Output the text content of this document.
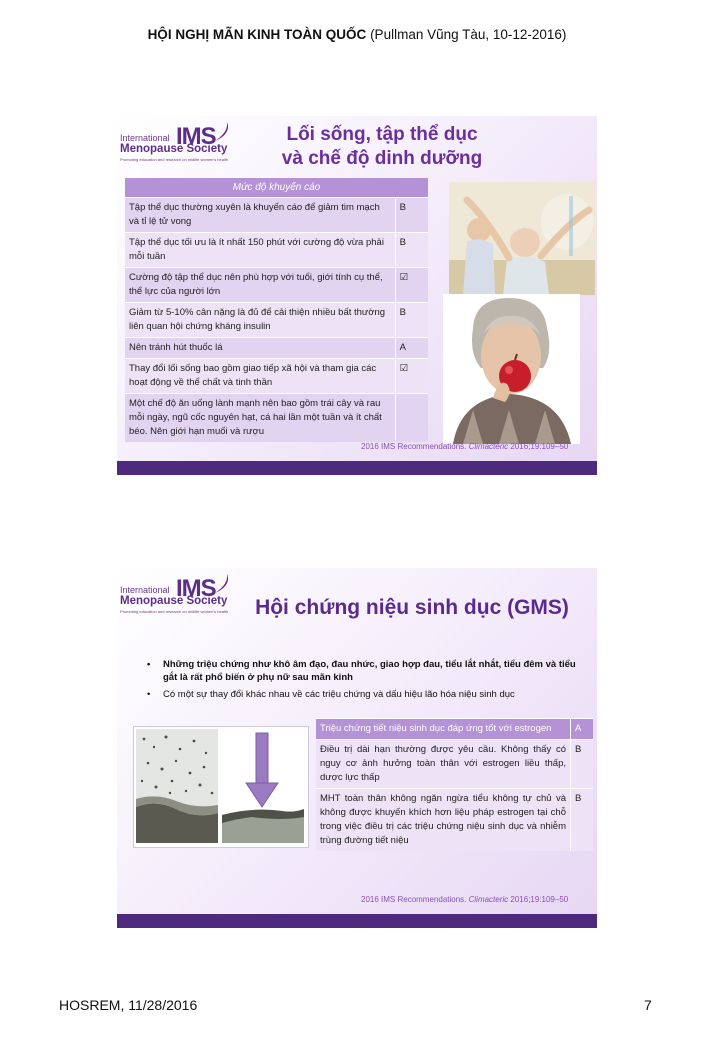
HỘI NGHỊ MÃN KINH TOÀN QUỐC (Pullman Vũng Tàu, 10-12-2016)
International IMS
Menopause Society
Promoting education and research on midlife women's health
Lối sống, tập thể dục
và chế độ dinh dưỡng
Mức độ khuyến cáo	
Tập thể dục thường xuyên là khuyến cáo để giảm tim mạch và tỉ lệ tử vong	B
Tập thể dục tối ưu là ít nhất 150 phút với cường độ vừa phải mỗi tuần	B
Cường độ tập thể dục nên phù hợp với tuổi, giới tính cụ thể, thể lực của người lớn	☑
Giảm từ 5-10% cân nặng là đủ để cải thiện nhiều bất thường liên quan hội chứng kháng insulin	B
Nên tránh hút thuốc lá	A
Thay đổi lối sống bao gồm giao tiếp xã hội và tham gia các hoạt động về thể chất và tinh thần	☑
Một chế độ ăn uống lành mạnh nên bao gồm trái cây và rau mỗi ngày, ngũ cốc nguyên hạt, cá hai lần một tuần và ít chất béo. Nên giới hạn muối và rượu	
2016 IMS Recommendations. Climacteric 2016;19:109–50
International IMS
Menopause Society
Promoting education and research on midlife women's health	Hội chứng niệu sinh dục (GMS)
• Những triệu chứng như khô âm đạo, đau nhức, giao hợp đau, tiểu lắt nhắt, tiểu đêm và tiểu gắt là rất phổ biến ở phụ nữ sau mãn kinh
• Có một sự thay đổi khác nhau về các triệu chứng và dấu hiệu lão hóa niệu sinh dục
Triệu chứng tiết niệu sinh dục đáp ứng tốt với estrogen	A
Điều trị dài hạn thường được yêu cầu. Không thấy có nguy cơ ảnh hưởng toàn thân với estrogen liều thấp, dược lực thấp	B
MHT toàn thân không ngăn ngừa tiểu không tự chủ và không được khuyến khích hơn liệu pháp estrogen tại chỗ trong việc điều trị các triệu chứng niệu sinh dục và nhiễm trùng đường tiết niệu	B
2016 IMS Recommendations. Climacteric 2016;19:109–50
HOSREM, 11/28/2016	7
